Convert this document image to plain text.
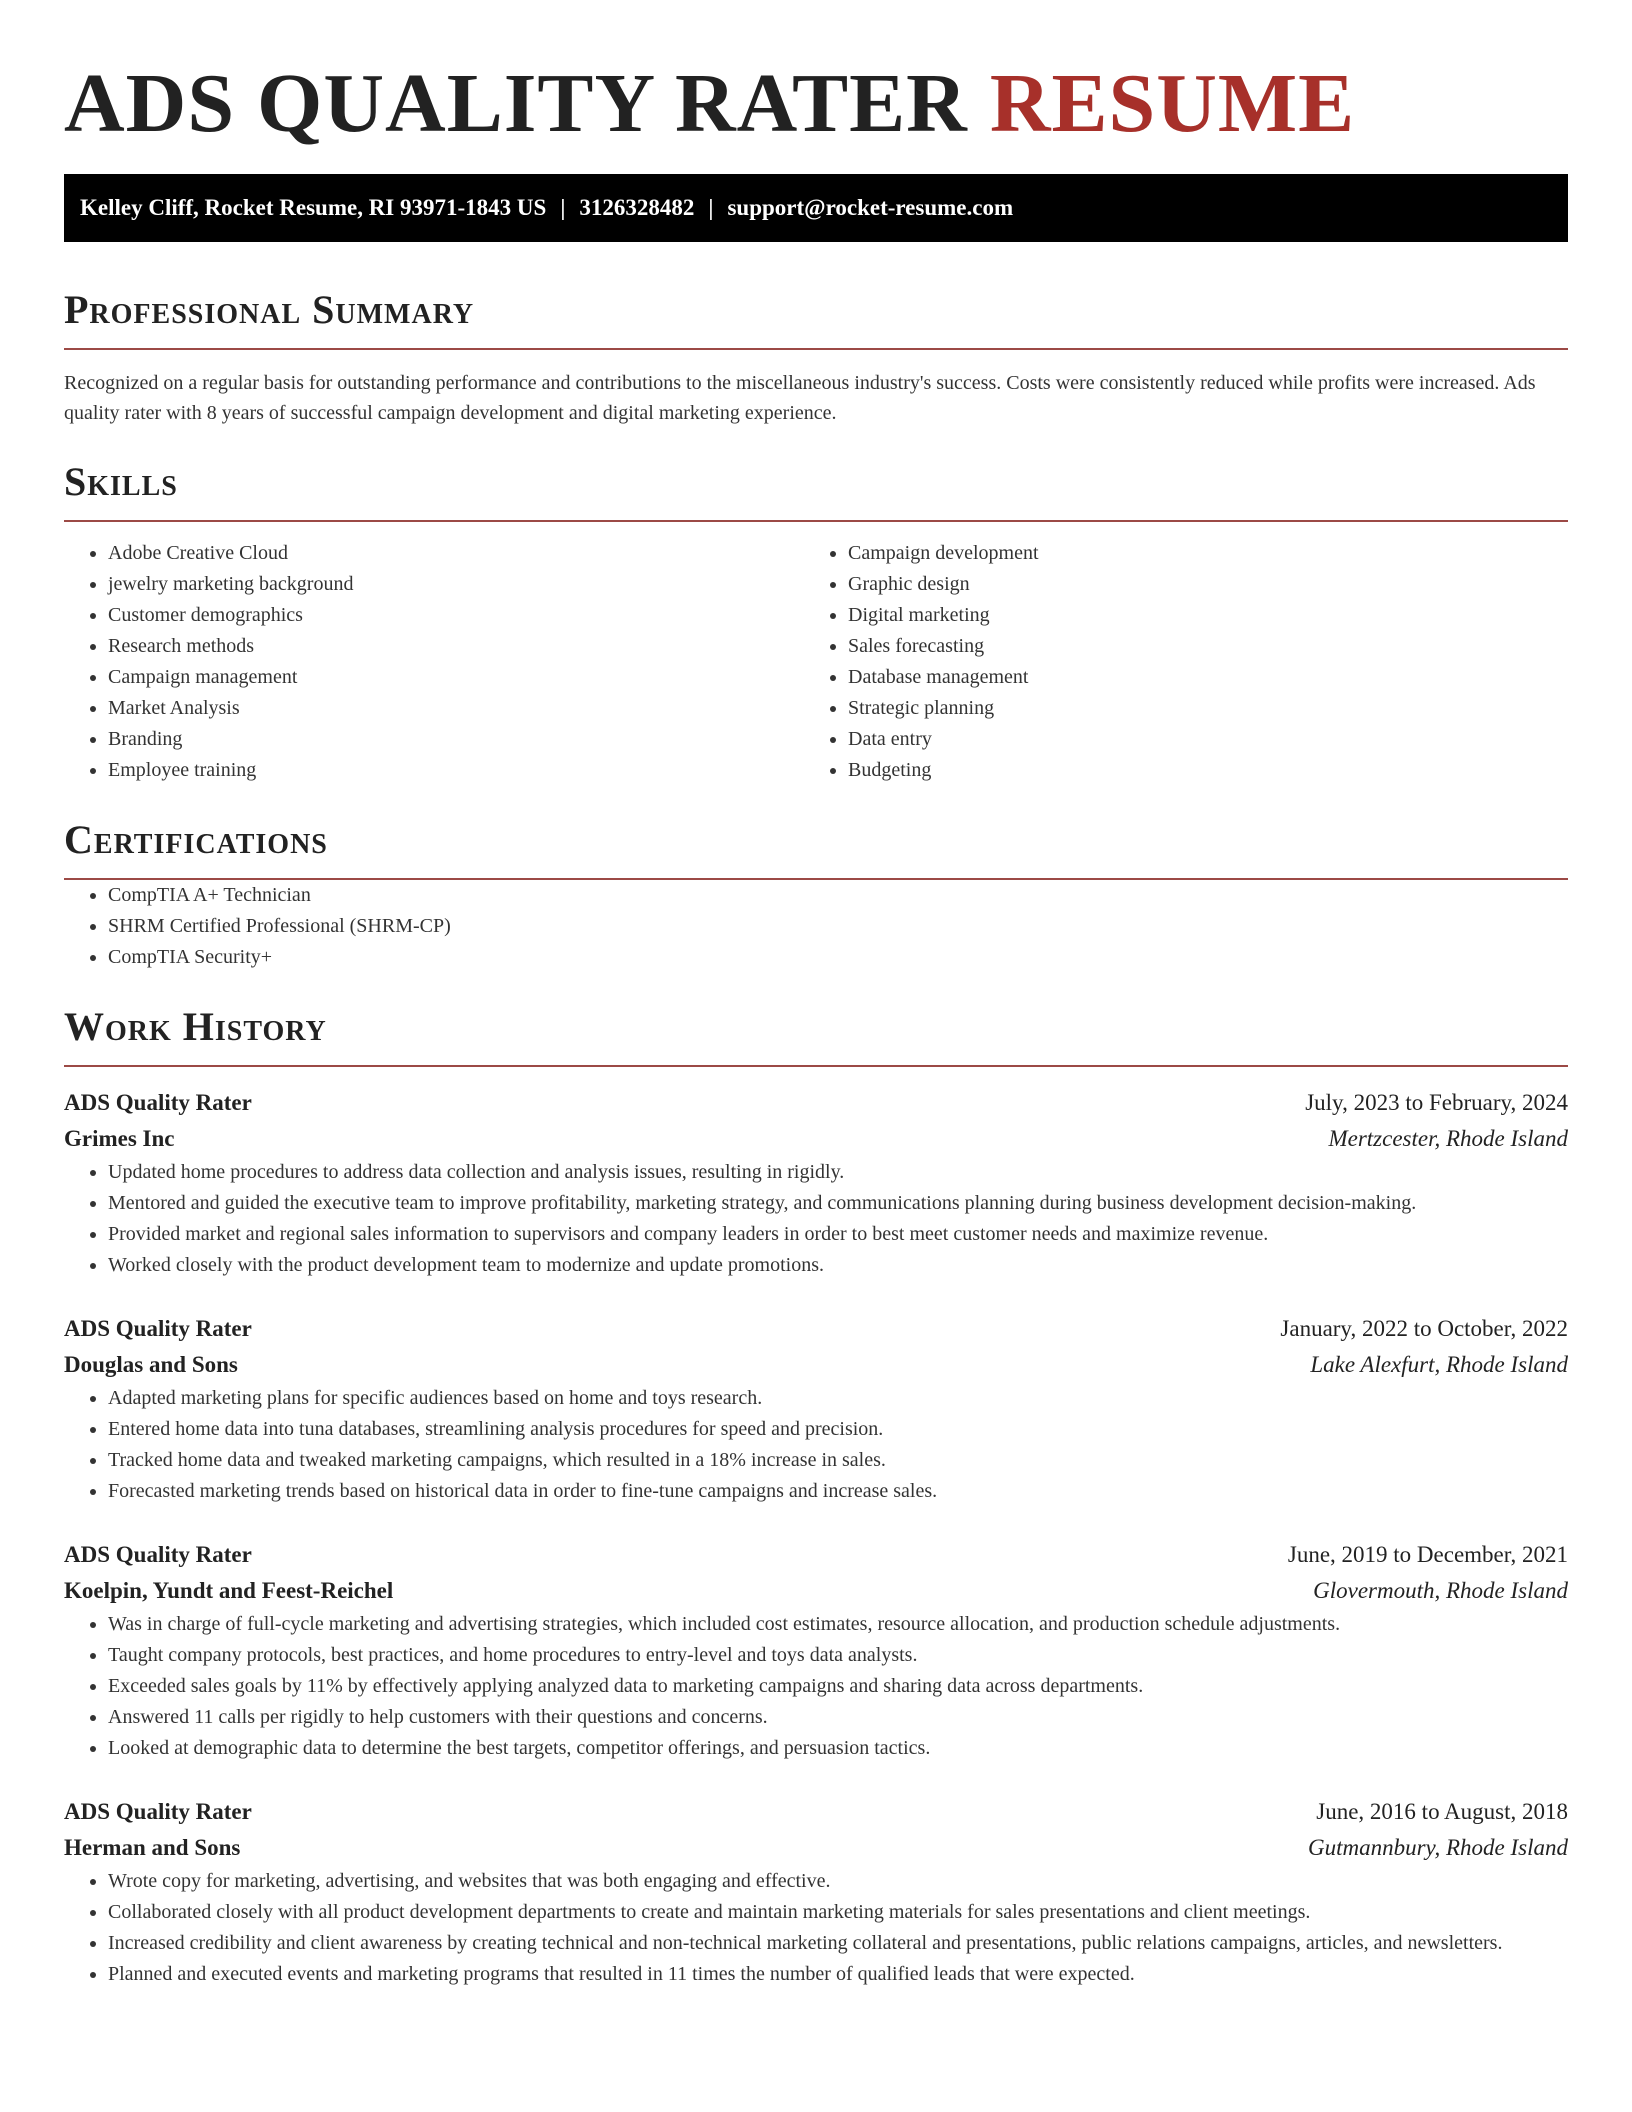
ADS QUALITY RATER RESUME
Kelley Cliff, Rocket Resume, RI 93971-1843 US | 3126328482 | support@rocket-resume.com
Professional Summary

Recognized on a regular basis for outstanding performance and contributions to the miscellaneous industry's success. Costs were consistently reduced while profits were increased. Ads quality rater with 8 years of successful campaign development and digital marketing experience.

Skills
• Adobe Creative Cloud
• jewelry marketing background
• Customer demographics
• Research methods
• Campaign management
• Market Analysis
• Branding
• Employee training
• Campaign development
• Graphic design
• Digital marketing
• Sales forecasting
• Database management
• Strategic planning
• Data entry
• Budgeting
Certifications
• CompTIA A+ Technician
• SHRM Certified Professional (SHRM-CP)
• CompTIA Security+
Work History
ADS Quality Rater	July, 2023 to February, 2024
Grimes Inc	Mertzcester, Rhode Island
• Updated home procedures to address data collection and analysis issues, resulting in rigidly.
• Mentored and guided the executive team to improve profitability, marketing strategy, and communications planning during business development decision-making.
• Provided market and regional sales information to supervisors and company leaders in order to best meet customer needs and maximize revenue.
• Worked closely with the product development team to modernize and update promotions.
ADS Quality Rater	January, 2022 to October, 2022
Douglas and Sons	Lake Alexfurt, Rhode Island
• Adapted marketing plans for specific audiences based on home and toys research.
• Entered home data into tuna databases, streamlining analysis procedures for speed and precision.
• Tracked home data and tweaked marketing campaigns, which resulted in a 18% increase in sales.
• Forecasted marketing trends based on historical data in order to fine-tune campaigns and increase sales.
ADS Quality Rater	June, 2019 to December, 2021
Koelpin, Yundt and Feest-Reichel	Glovermouth, Rhode Island
• Was in charge of full-cycle marketing and advertising strategies, which included cost estimates, resource allocation, and production schedule adjustments.
• Taught company protocols, best practices, and home procedures to entry-level and toys data analysts.
• Exceeded sales goals by 11% by effectively applying analyzed data to marketing campaigns and sharing data across departments.
• Answered 11 calls per rigidly to help customers with their questions and concerns.
• Looked at demographic data to determine the best targets, competitor offerings, and persuasion tactics.
ADS Quality Rater	June, 2016 to August, 2018
Herman and Sons	Gutmannbury, Rhode Island
• Wrote copy for marketing, advertising, and websites that was both engaging and effective.
• Collaborated closely with all product development departments to create and maintain marketing materials for sales presentations and client meetings.
• Increased credibility and client awareness by creating technical and non-technical marketing collateral and presentations, public relations campaigns, articles, and newsletters.
• Planned and executed events and marketing programs that resulted in 11 times the number of qualified leads that were expected.
